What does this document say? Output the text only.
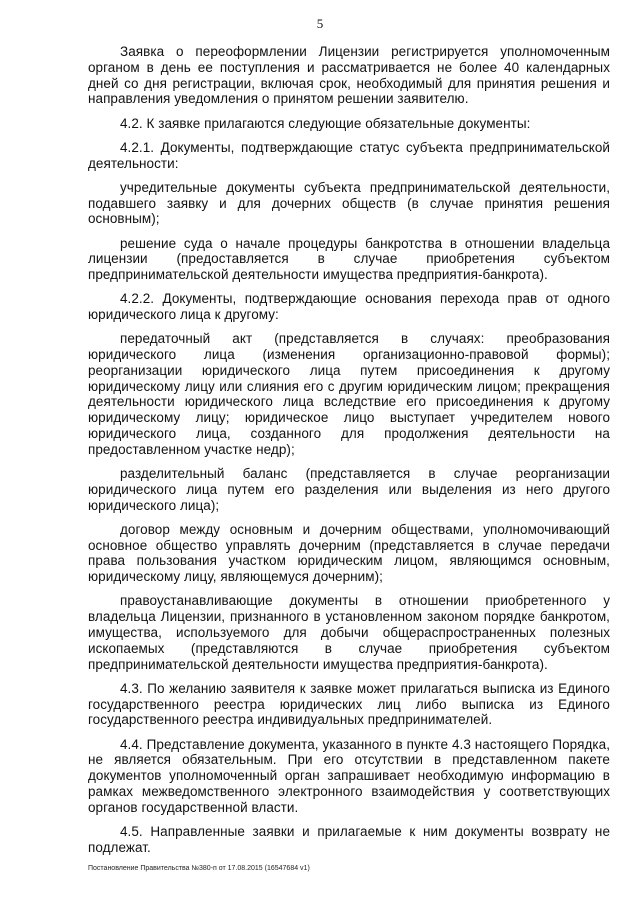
5

Заявка о переоформлении Лицензии регистрируется уполномоченным органом в день ее поступления и рассматривается не более 40 календарных дней со дня регистрации, включая срок, необходимый для принятия решения и направления уведомления о принятом решении заявителю.

4.2. К заявке прилагаются следующие обязательные документы:

4.2.1. Документы, подтверждающие статус субъекта предпринимательской деятельности:

учредительные документы субъекта предпринимательской деятельности, подавшего заявку и для дочерних обществ (в случае принятия решения основным);

решение суда о начале процедуры банкротства в отношении владельца лицензии (предоставляется в случае приобретения субъектом предпринимательской деятельности имущества предприятия-банкрота).

4.2.2. Документы, подтверждающие основания перехода прав от одного юридического лица к другому:

передаточный акт (представляется в случаях: преобразования юридического лица (изменения организационно-правовой формы); реорганизации юридического лица путем присоединения к другому юридическому лицу или слияния его с другим юридическим лицом; прекращения деятельности юридического лица вследствие его присоединения к другому юридическому лицу; юридическое лицо выступает учредителем нового юридического лица, созданного для продолжения деятельности на предоставленном участке недр);

разделительный баланс (представляется в случае реорганизации юридического лица путем его разделения или выделения из него другого юридического лица);

договор между основным и дочерним обществами, уполномочивающий основное общество управлять дочерним (представляется в случае передачи права пользования участком юридическим лицом, являющимся основным, юридическому лицу, являющемуся дочерним);

правоустанавливающие документы в отношении приобретенного у владельца Лицензии, признанного в установленном законом порядке банкротом, имущества, используемого для добычи общераспространенных полезных ископаемых (представляются в случае приобретения субъектом предпринимательской деятельности имущества предприятия-банкрота).

4.3. По желанию заявителя к заявке может прилагаться выписка из Единого государственного реестра юридических лиц либо выписка из Единого государственного реестра индивидуальных предпринимателей.

4.4. Представление документа, указанного в пункте 4.3 настоящего Порядка, не является обязательным. При его отсутствии в представленном пакете документов уполномоченный орган запрашивает необходимую информацию в рамках межведомственного электронного взаимодействия у соответствующих органов государственной власти.

4.5. Направленные заявки и прилагаемые к ним документы возврату не подлежат.

Постановление Правительства №380-п от 17.08.2015 (16547684 v1)
